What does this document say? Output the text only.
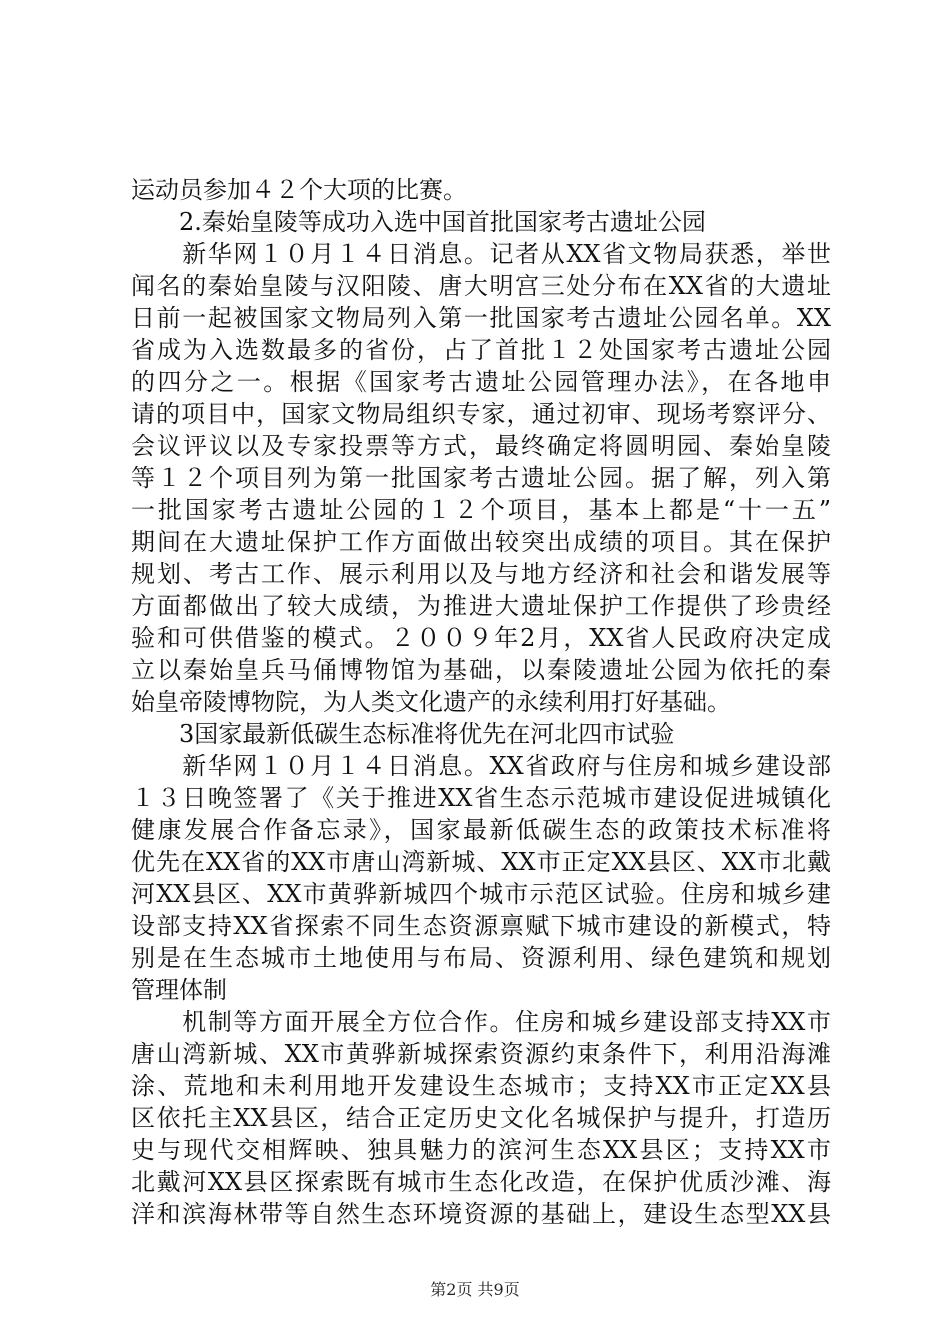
运动员参加４２个大项的比赛。
　　2.秦始皇陵等成功入选中国首批国家考古遗址公园
　　新华网１０月１４日消息。记者从XX省文物局获悉，举世
闻名的秦始皇陵与汉阳陵、唐大明宫三处分布在XX省的大遗址
日前一起被国家文物局列入第一批国家考古遗址公园名单。XX
省成为入选数最多的省份，占了首批１２处国家考古遗址公园
的四分之一。根据《国家考古遗址公园管理办法》，在各地申
请的项目中，国家文物局组织专家，通过初审、现场考察评分、
会议评议以及专家投票等方式，最终确定将圆明园、秦始皇陵
等１２个项目列为第一批国家考古遗址公园。据了解，列入第
一批国家考古遗址公园的１２个项目，基本上都是“十一五”
期间在大遗址保护工作方面做出较突出成绩的项目。其在保护
规划、考古工作、展示利用以及与地方经济和社会和谐发展等
方面都做出了较大成绩，为推进大遗址保护工作提供了珍贵经
验和可供借鉴的模式。２００９年2月，XX省人民政府决定成
立以秦始皇兵马俑博物馆为基础，以秦陵遗址公园为依托的秦
始皇帝陵博物院，为人类文化遗产的永续利用打好基础。
　　3国家最新低碳生态标准将优先在河北四市试验
　　新华网１０月１４日消息。XX省政府与住房和城乡建设部
１３日晚签署了《关于推进XX省生态示范城市建设促进城镇化
健康发展合作备忘录》，国家最新低碳生态的政策技术标准将
优先在XX省的XX市唐山湾新城、XX市正定XX县区、XX市北戴
河XX县区、XX市黄骅新城四个城市示范区试验。住房和城乡建
设部支持XX省探索不同生态资源禀赋下城市建设的新模式，特
别是在生态城市土地使用与布局、资源利用、绿色建筑和规划
管理体制
　　机制等方面开展全方位合作。住房和城乡建设部支持XX市
唐山湾新城、XX市黄骅新城探索资源约束条件下，利用沿海滩
涂、荒地和未利用地开发建设生态城市；支持XX市正定XX县
区依托主XX县区，结合正定历史文化名城保护与提升，打造历
史与现代交相辉映、独具魅力的滨河生态XX县区；支持XX市
北戴河XX县区探索既有城市生态化改造，在保护优质沙滩、海
洋和滨海林带等自然生态环境资源的基础上，建设生态型XX县
第2页 共9页
